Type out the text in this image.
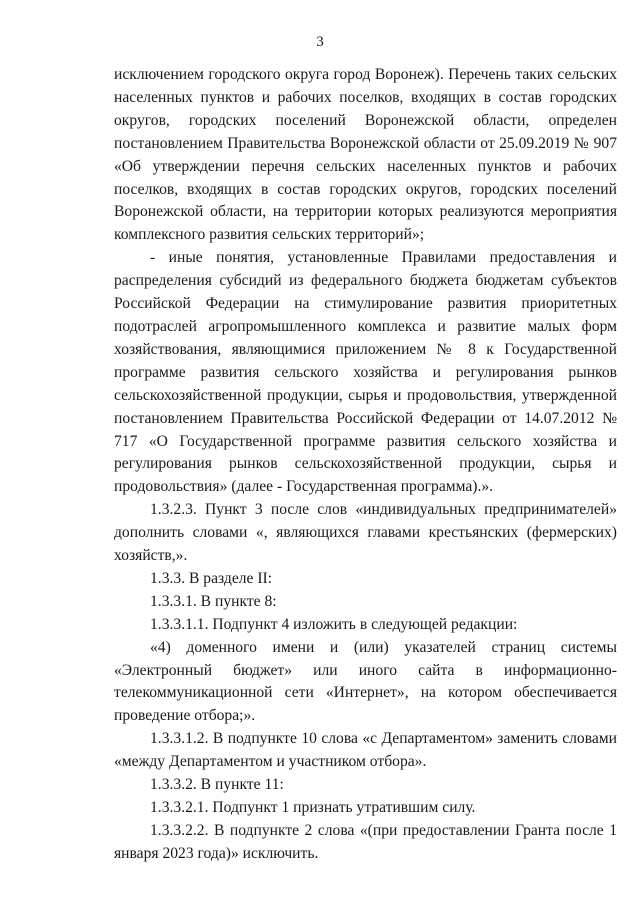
3

исключением городского округа город Воронеж). Перечень таких сельских населенных пунктов и рабочих поселков, входящих в состав городских округов, городских поселений Воронежской области, определен постановлением Правительства Воронежской области от 25.09.2019 № 907 «Об утверждении перечня сельских населенных пунктов и рабочих поселков, входящих в состав городских округов, городских поселений Воронежской области, на территории которых реализуются мероприятия комплексного развития сельских территорий»;

- иные понятия, установленные Правилами предоставления и распределения субсидий из федерального бюджета бюджетам субъектов Российской Федерации на стимулирование развития приоритетных подотраслей агропромышленного комплекса и развитие малых форм хозяйствования, являющимися приложением № 8 к Государственной программе развития сельского хозяйства и регулирования рынков сельскохозяйственной продукции, сырья и продовольствия, утвержденной постановлением Правительства Российской Федерации от 14.07.2012 № 717 «О Государственной программе развития сельского хозяйства и регулирования рынков сельскохозяйственной продукции, сырья и продовольствия» (далее - Государственная программа).».

1.3.2.3. Пункт 3 после слов «индивидуальных предпринимателей» дополнить словами «, являющихся главами крестьянских (фермерских) хозяйств,».

1.3.3. В разделе II:

1.3.3.1. В пункте 8:

1.3.3.1.1. Подпункт 4 изложить в следующей редакции:

«4) доменного имени и (или) указателей страниц системы «Электронный бюджет» или иного сайта в информационно-телекоммуникационной сети «Интернет», на котором обеспечивается проведение отбора;».

1.3.3.1.2. В подпункте 10 слова «с Департаментом» заменить словами «между Департаментом и участником отбора».

1.3.3.2. В пункте 11:

1.3.3.2.1. Подпункт 1 признать утратившим силу.

1.3.3.2.2. В подпункте 2 слова «(при предоставлении Гранта после 1 января 2023 года)» исключить.
